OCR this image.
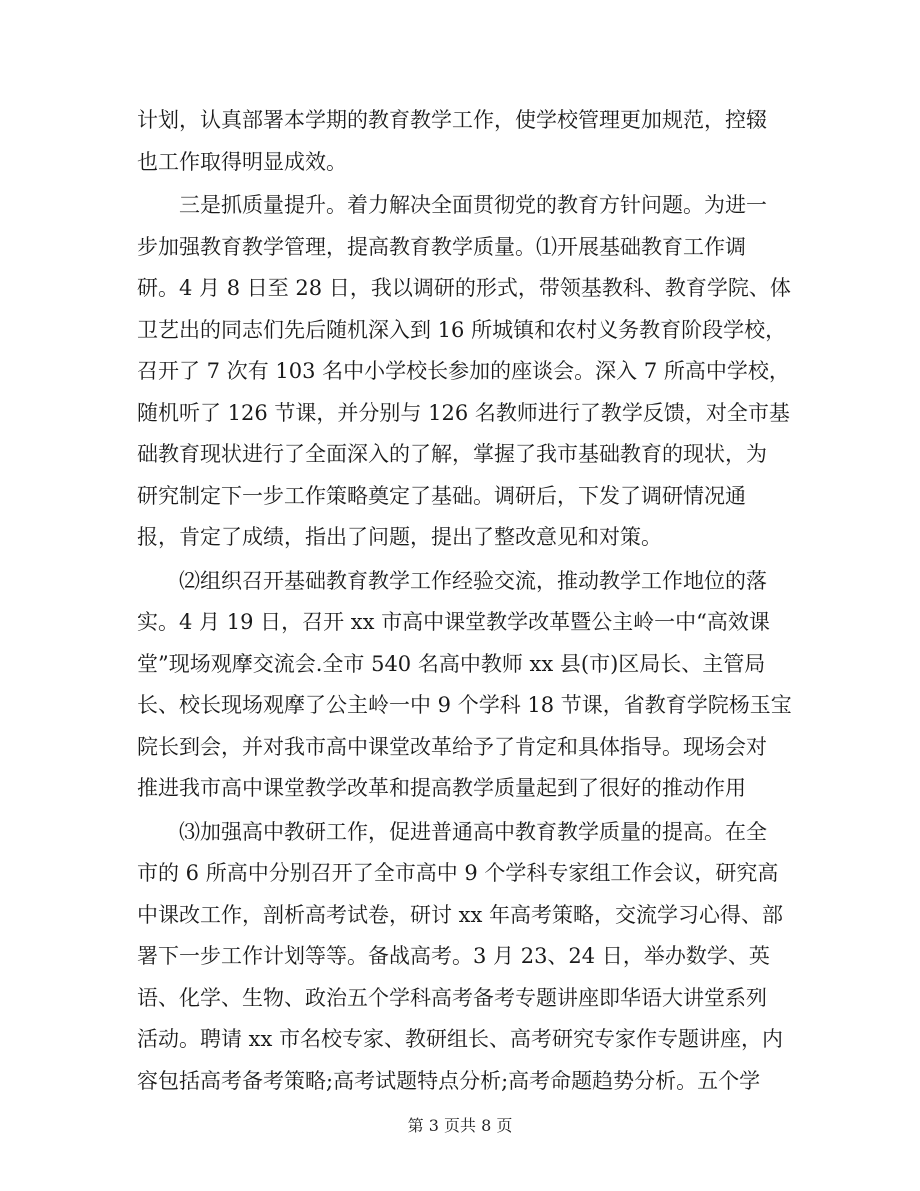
计划，认真部署本学期的教育教学工作，使学校管理更加规范，控辍
也工作取得明显成效。
三是抓质量提升。着力解决全面贯彻党的教育方针问题。为进一
步加强教育教学管理，提高教育教学质量。⑴开展基础教育工作调
研。4 月 8 日至 28 日，我以调研的形式，带领基教科、教育学院、体
卫艺出的同志们先后随机深入到 16 所城镇和农村义务教育阶段学校，
召开了 7 次有 103 名中小学校长参加的座谈会。深入 7 所高中学校，
随机听了 126 节课，并分别与 126 名教师进行了教学反馈，对全市基
础教育现状进行了全面深入的了解，掌握了我市基础教育的现状，为
研究制定下一步工作策略奠定了基础。调研后，下发了调研情况通
报，肯定了成绩，指出了问题，提出了整改意见和对策。
⑵组织召开基础教育教学工作经验交流，推动教学工作地位的落
实。4 月 19 日，召开 xx 市高中课堂教学改革暨公主岭一中“高效课
堂”现场观摩交流会.全市 540 名高中教师 xx 县(市)区局长、主管局
长、校长现场观摩了公主岭一中 9 个学科 18 节课，省教育学院杨玉宝
院长到会，并对我市高中课堂改革给予了肯定和具体指导。现场会对
推进我市高中课堂教学改革和提高教学质量起到了很好的推动作用
⑶加强高中教研工作，促进普通高中教育教学质量的提高。在全
市的 6 所高中分别召开了全市高中 9 个学科专家组工作会议，研究高
中课改工作，剖析高考试卷，研讨 xx 年高考策略，交流学习心得、部
署下一步工作计划等等。备战高考。3 月 23、24 日，举办数学、英
语、化学、生物、政治五个学科高考备考专题讲座即华语大讲堂系列
活动。聘请 xx 市名校专家、教研组长、高考研究专家作专题讲座，内
容包括高考备考策略;高考试题特点分析;高考命题趋势分析。五个学
第 3 页共 8 页
